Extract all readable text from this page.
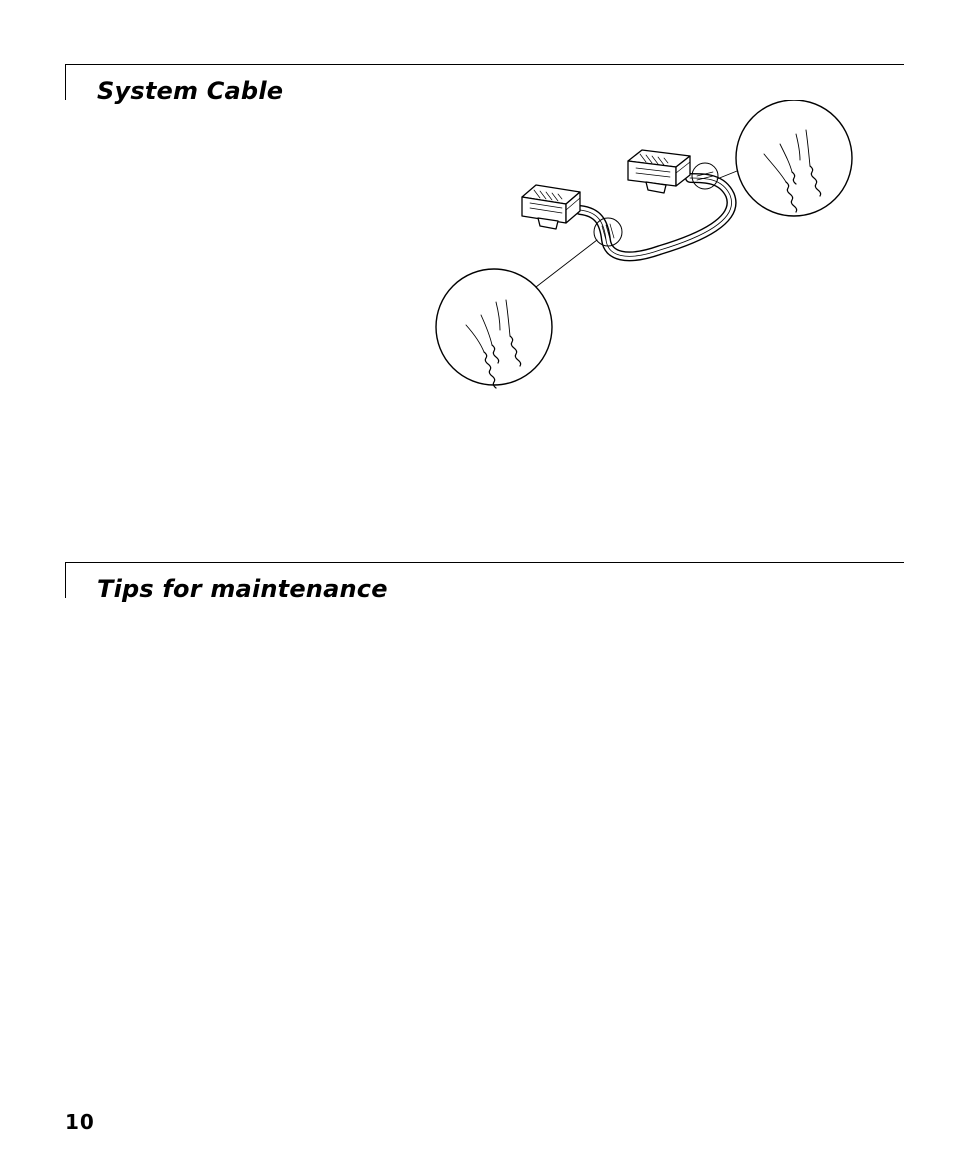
System Cable
Tips for maintenance
10
